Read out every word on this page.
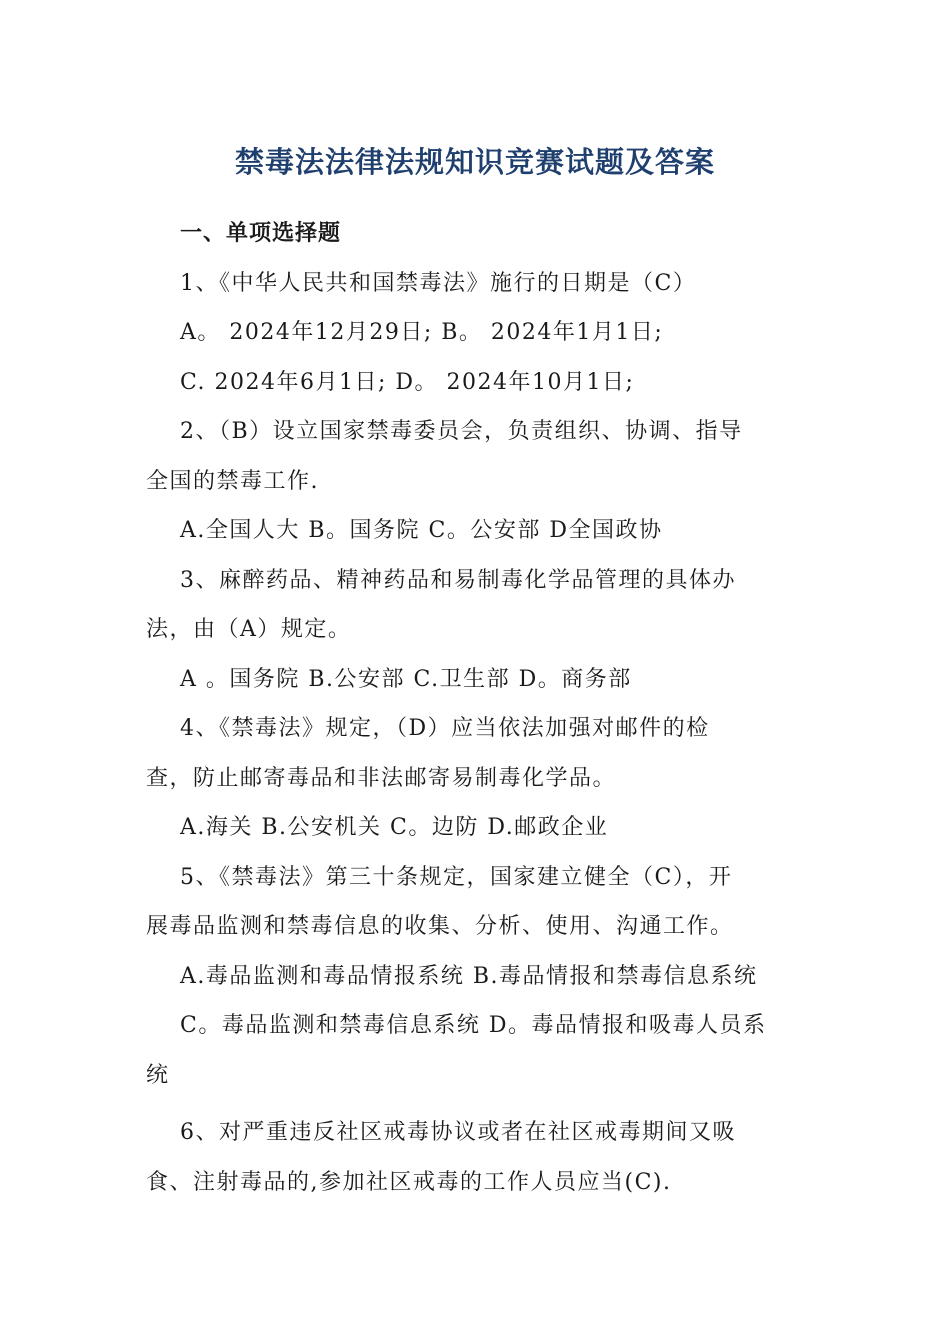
禁毒法法律法规知识竞赛试题及答案
一、单项选择题
1、《中华人民共和国禁毒法》施行的日期是（C）
A。 2024年12月29日; B。 2024年1月1日;
C. 2024年6月1日; D。 2024年10月1日;
2、（B）设立国家禁毒委员会，负责组织、协调、指导
全国的禁毒工作.
A.全国人大 B。国务院 C。公安部 D全国政协
3、麻醉药品、精神药品和易制毒化学品管理的具体办
法，由（A）规定。
A 。国务院 B.公安部 C.卫生部 D。商务部
4、《禁毒法》规定，（D）应当依法加强对邮件的检
查，防止邮寄毒品和非法邮寄易制毒化学品。
A.海关 B.公安机关 C。边防 D.邮政企业
5、《禁毒法》第三十条规定，国家建立健全（C），开
展毒品监测和禁毒信息的收集、分析、使用、沟通工作。
A.毒品监测和毒品情报系统 B.毒品情报和禁毒信息系统
C。毒品监测和禁毒信息系统 D。毒品情报和吸毒人员系
统
6、对严重违反社区戒毒协议或者在社区戒毒期间又吸
食、注射毒品的,参加社区戒毒的工作人员应当(C).
